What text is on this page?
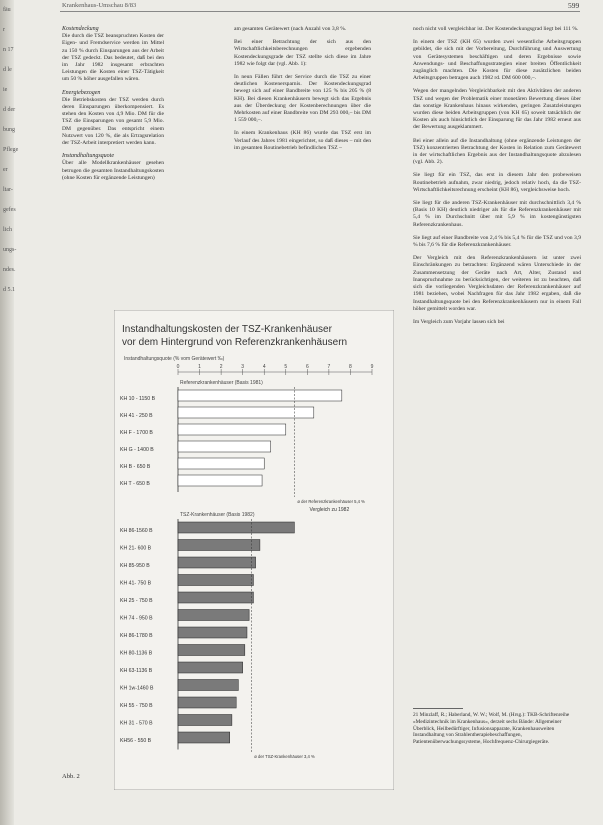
fäu
r
n 17
d le
ie
d der
bung
Pflege
er
ltar-
gefes
lich
ungs-
ndes.
d 5.1
Krankenhaus-Umschau 8/83	599
Kostendeckung

Die durch die TSZ beanspruchten Kosten der Eigen- und Fremdservice werden im Mittel zu 150 % durch Einsparungen aus der Arbeit der TSZ gedeckt. Das bedeutet, daß bei den im Jahr 1982 insgesamt erbrachten Leistungen die Kosten einer TSZ-Tätigkeit um 50 % höher ausgefallen wären.

Energiebezogen

Die Betriebskosten der TSZ werden durch deren Einsparungen überkompensiert. Es stehen den Kosten von 4,9 Mio. DM für die TSZ die Einsparungen von gesamt 5,9 Mio. DM gegenüber. Das entspricht einem Nutzwert von 120 %, die als Ertragsrelation der TSZ-Arbeit interpretiert werden kann.

Instandhaltungsquote

Über alle Modellkrankenhäuser gesehen betrugen die gesamten Instandhaltungskosten (ohne Kosten für ergänzende Leistungen)

am gesamten Gerätewert (nach Anzahl von 3,8 %.

Bei einer Betrachtung der sich aus den Wirtschaftlichkeitsberechnungen ergebenden Kostendeckungsgrade der TSZ stellte sich diese im Jahre 1982 wie folgt dar (vgl. Abb. 1):

In neun Fällen führt der Service durch die TSZ zu einer deutlichen Kostenersparnis. Der Kostendeckungsgrad bewegt sich auf einer Bandbreite von 125 % bis 205 % (8 KH). Bei diesen Krankenhäusern bewegt sich das Ergebnis aus der Überdeckung der Kostenberechnungen über die Mehrkosten auf einer Bandbreite von DM 293 000,– bis DM 1 559 000,–.

In einem Krankenhaus (KH 86) wurde das TSZ erst im Verlauf des Jahres 1981 eingerichtet, so daß dieses – mit den im gesamten Routinebetrieb befindlichen TSZ –

noch nicht voll vergleichbar ist. Der Kostendeckungsgrad liegt bei 111 %.

In einem der TSZ (KH 65) wurden zwei wesentliche Arbeitsgruppen gebildet, die sich mit der Vorbereitung, Durchführung und Auswertung von Gerätesystemen beschäftigen und deren Ergebnisse sowie Anwendungs- und Beschaffungsstrategien einer breiten Öffentlichkeit zugänglich machten. Die Kosten für diese zusätzlichen beiden Arbeitsgruppen betragen auch 1982 rd. DM 600 000,–.

Wegen der mangelnden Vergleichbarkeit mit den Aktivitäten der anderen TSZ und wegen der Problematik einer monetären Bewertung dieses über das sonstige Krankenhaus hinaus wirkenden, geringen Zusatzleistungen wurden diese beiden Arbeitsgruppen (von KH 65) soweit tatsächlich der Kosten als auch hinsichtlich der Einsparung für das Jahr 1982 erneut aus der Bewertung ausgeklammert.

Bei einer allein auf die Instandhaltung (ohne ergänzende Leistungen der TSZ) konzentrierten Betrachtung der Kosten in Relation zum Gerätewert in der wirtschaftlichen Ergebnis aus der Instandhaltungsquote abzulesen (vgl. Abb. 2).

Sie liegt für ein TSZ, das erst in diesem Jahr den probeweisen Routinebetrieb aufnahm, zwar niedrig, jedoch relativ hoch, da die TSZ-Wirtschaftlichkeitsrechnung erscheint (KH 86), vergleichsweise hoch.

Sie liegt für die anderen TSZ-Krankenhäuser mit durchschnittlich 3,4 % (Basis 10 KH) deutlich niedriger als für die Referenzkrankenhäuser mit 5,4 % im Durchschnitt über mit 5,9 % im kostengünstigsten Referenzkrankenhaus.

Sie liegt auf einer Bandbreite von 2,4 % bis 5,4 % für die TSZ und von 3,9 % bis 7,6 % für die Referenzkrankenhäuser.

Der Vergleich mit den Referenzkrankenhäusern ist unter zwei Einschränkungen zu betrachten: Ergänzend wären Unterschiede in der Zusammensetzung der Geräte nach Art, Alter, Zustand und Inanspruchnahme zu berücksichtigen, der weiteren ist zu beachten, daß sich die vorliegenden Vergleichsdaten der Referenzkrankenhäuser auf 1981 beziehen, wobei Nachfragen für das Jahr 1982 ergaben, daß die Instandhaltungsquote bei den Referenzkrankenhäusern nur in einem Fall höher gemittelt worden war.

Im Vergleich zum Vorjahr lassen sich bei

21 Minzlaff, R.; Haberland, W. W.; Wolf, M. (Hrsg.): TKB-Schriftenreihe »Medizintechnik im Krankenhaus«, derzeit sechs Bände: Allgemeiner Überblick, Heilbedürftiger, Infusionsapparate, Krankenhausweiten Instandhaltung von Strahlentherapiebeschaffungen, Patientenüberwachungssysteme, Hochfrequenz-Chirurgiegeräte.
Instandhaltungskosten der TSZ-Krankenhäuser
vor dem Hintergrund von Referenzkrankenhäusern
Instandhaltungsquote (% vom Gerätewert ‰)
0	1	2	3	4	5	6	7	8	9
Referenzkrankenhäuser (Basis 1981)
KH 10 - 1150 B
KH 41 - 250 B
KH F - 1700 B
KH G - 1400 B
KH B - 650 B
KH T - 650 B
ø der Referenzkrankenhäuser 5,4 %
Vergleich zu 1982
TSZ-Krankenhäuser (Basis 1982)
KH 86-1560 B
KH 21- 600 B
KH 85-950 B
KH 41- 750 B
KH 25 - 750 B
KH 74 - 950 B
KH 86-1780 B
KH 80-1136 B
KH 63-1136 B
KH 1w-1460 B
KH 55 - 750 B
KH 31 - 570 B
KH56 - 550 B
ø der TSZ-Krankenhäuser 3,4 %
Abb. 2
